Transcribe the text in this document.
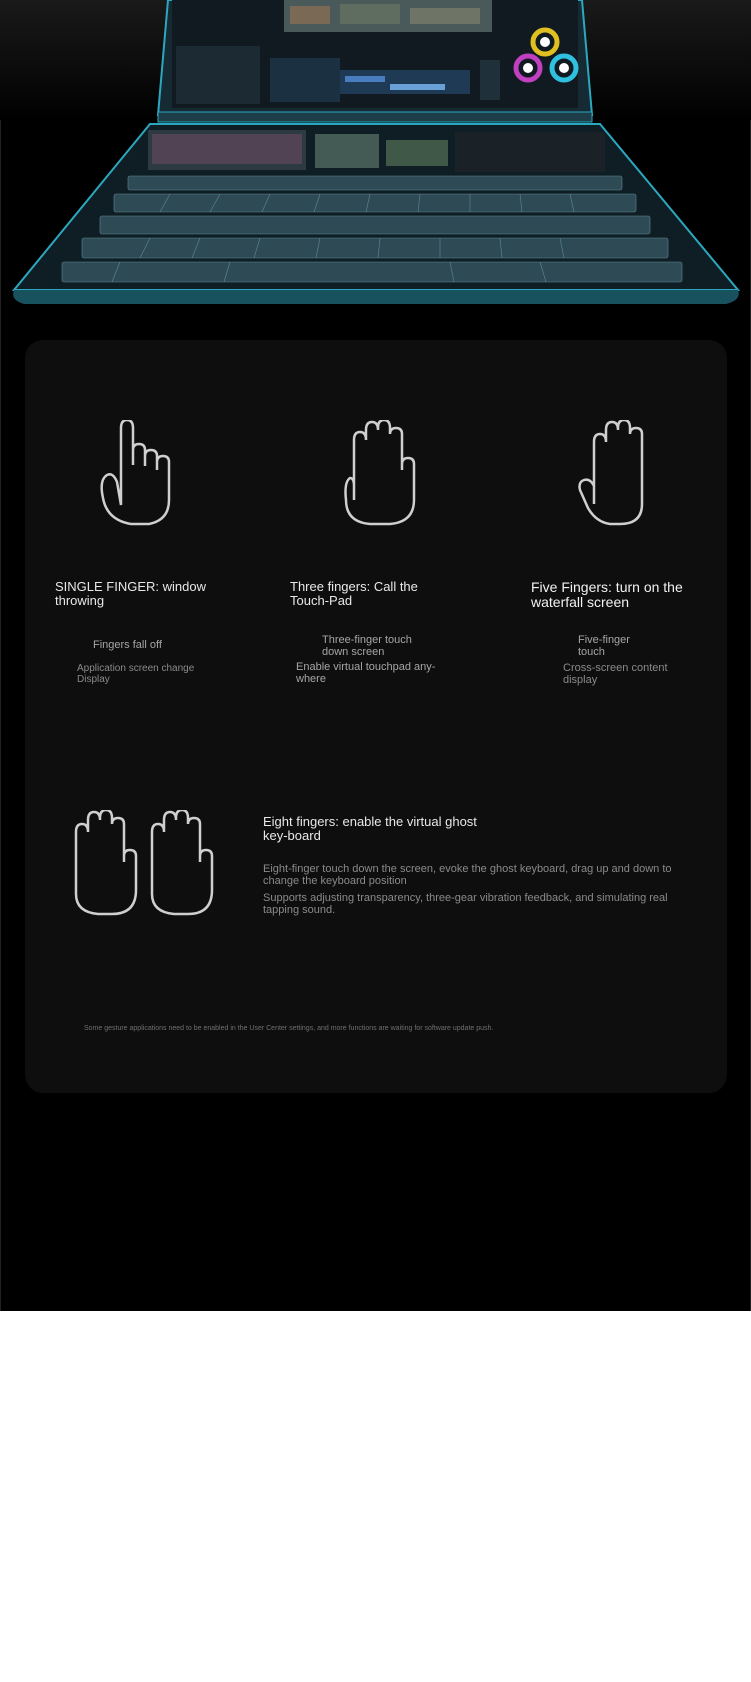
SINGLE FINGER: window throwing

Fingers fall off

Application screen change Display

Three fingers: Call the Touch-Pad

Three-finger touch down screen

Enable virtual touchpad any-where

Five Fingers: turn on the waterfall screen

Five-finger touch

Cross-screen content display

Eight fingers: enable the virtual ghost key-board

Eight-finger touch down the screen, evoke the ghost keyboard, drag up and down to change the keyboard position

Supports adjusting transparency, three-gear vibration feedback, and simulating real tapping sound.

Some gesture applications need to be enabled in the User Center settings, and more functions are waiting for software update push.
